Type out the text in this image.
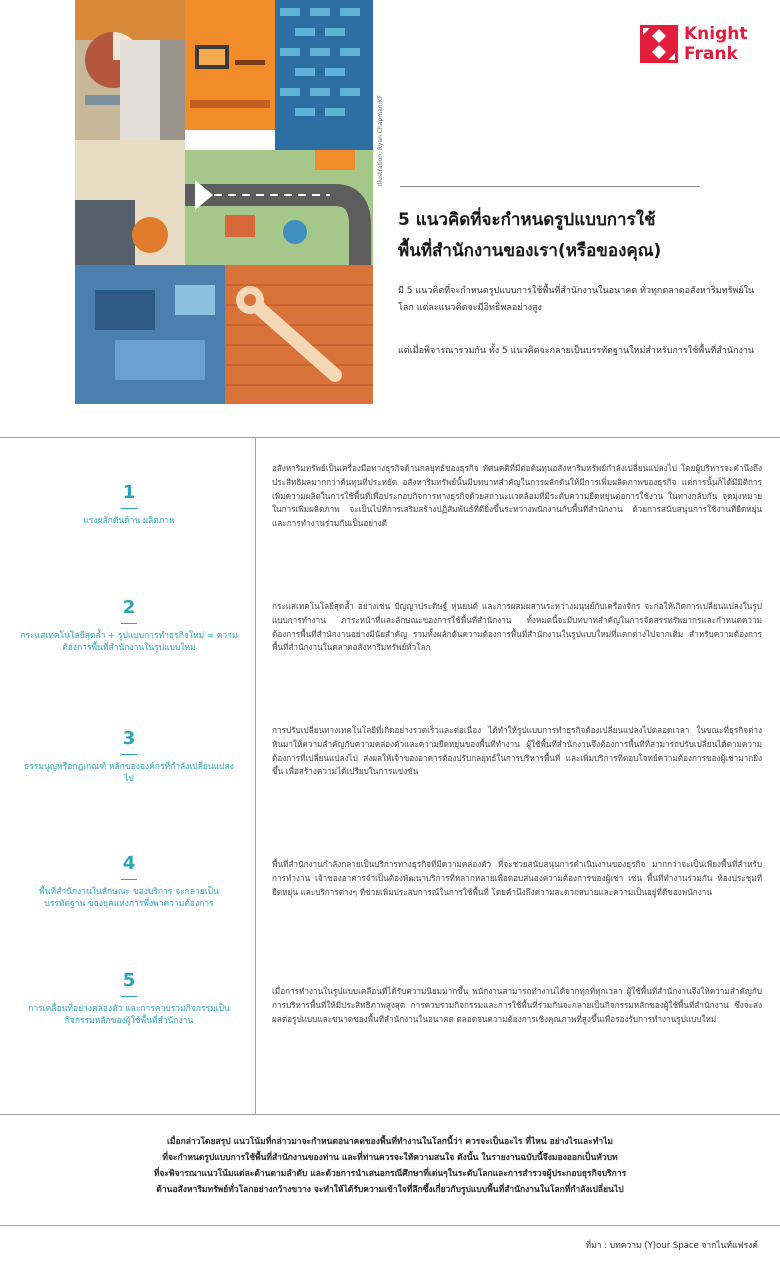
Illustration: Ryan Chapman/KF
Knight
Frank
5 แนวคิดที่จะกำหนดรูปแบบการใช้
พื้นที่สำนักงานของเรา(หรือของคุณ)
มี 5 แนวคิดที่จะกำหนดรูปแบบการใช้พื้นที่สำนักงานในอนาคต ทั่วทุกตลาดอสังหาริมทรัพย์ในโลก แต่ละแนวคิดจะมีอิทธิพลอย่างสูง
แต่เมื่อพิจารณารวมกัน ทั้ง 5 แนวคิดจะกลายเป็นบรรทัดฐานใหม่สำหรับการใช้พื้นที่สำนักงาน
1
แรงผลักดันด้าน ผลิตภาพ
2
กระแสเทคโนโลยีสุดล้ำ + รูปแบบการทำธุรกิจใหม่ = ความต้องการพื้นที่สำนักงานในรูปแบบใหม่
3
ธรรมนูญหรือกฎเกณฑ์ หลักขององค์กรที่กำลังเปลี่ยนแปลงไป
4
พื้นที่สำนักงานในลักษณะ ของบริการ จะกลายเป็นบรรทัดฐาน ของยุคแห่งการพึ่งพาความต้องการ
5
การเคลื่อนที่อย่างคล่องตัว และการควบรวมกิจกรรมเป็นกิจกรรมหลักของผู้ใช้พื้นที่สำนักงาน
อสังหาริมทรัพย์เป็นเครื่องมือทางธุรกิจด้านกลยุทธ์ของธุรกิจ ทัศนคติที่มีต่อต้นทุนอสังหาริมทรัพย์กำลังเปลี่ยนแปลงไป โดยผู้บริหารจะคำนึงถึงประสิทธิผลมากกว่าต้นทุนที่ประหยัด อสังหาริมทรัพย์นั้นมีบทบาทสำคัญในการผลักดันให้มีการเพิ่มผลิตภาพของธุรกิจ แต่การนั้นก็ได้มีมิติการเพิ่มความผลิตในการใช้พื้นที่เพื่อประกอบกิจการทางธุรกิจด้วยสถานะแวดล้อมที่มีระดับความยืดหยุ่นต่อการใช้งาน ในทางกลับกัน จุดมุ่งหมายในการเพิ่มผลิตภาพ จะเป็นไปที่การเสริมสร้างปฏิสัมพันธ์ที่ดียิ่งขึ้นระหว่างพนักงานกับพื้นที่สำนักงาน ด้วยการสนับสนุนการใช้งานที่ยืดหยุ่นและการทำงานร่วมกันเป็นอย่างดี
กระแสเทคโนโลยีสุดล้ำ อย่างเช่น ปัญญาประดิษฐ์ หุ่นยนต์ และการผสมผสานระหว่างมนุษย์กับเครื่องจักร จะก่อให้เกิดการเปลี่ยนแปลงในรูปแบบการทำงาน ภาระหน้าที่และลักษณะของการใช้พื้นที่สำนักงาน ทั้งหมดนี้จะมีบทบาทสำคัญในการจัดสรรทรัพยากรและกำหนดความต้องการพื้นที่สำนักงานอย่างมีนัยสำคัญ รวมทั้งผลักดันความต้องการพื้นที่สำนักงานในรูปแบบใหม่ที่แตกต่างไปจากเดิม สำหรับความต้องการพื้นที่สำนักงานในตลาดอสังหาริมทรัพย์ทั่วโลก
การปรับเปลี่ยนทางเทคโนโลยีที่เกิดอย่างรวดเร็วและต่อเนื่อง ได้ทำให้รูปแบบการทำธุรกิจต้องเปลี่ยนแปลงไปตลอดเวลา ในขณะที่ธุรกิจต่างหันมาให้ความสำคัญกับความคล่องตัวและความยืดหยุ่นของพื้นที่ทำงาน ผู้ใช้พื้นที่สำนักงานจึงต้องการพื้นที่ที่สามารถปรับเปลี่ยนได้ตามความต้องการที่เปลี่ยนแปลงไป ส่งผลให้เจ้าของอาคารต้องปรับกลยุทธ์ในการบริหารพื้นที่ และเพิ่มบริการที่ตอบโจทย์ความต้องการของผู้เช่ามากยิ่งขึ้น เพื่อสร้างความได้เปรียบในการแข่งขัน
พื้นที่สำนักงานกำลังกลายเป็นบริการทางธุรกิจที่มีความคล่องตัว ที่จะช่วยสนับสนุนการดำเนินงานของธุรกิจ มากกว่าจะเป็นเพียงพื้นที่สำหรับการทำงาน เจ้าของอาคารจำเป็นต้องพัฒนาบริการที่หลากหลายเพื่อตอบสนองความต้องการของผู้เช่า เช่น พื้นที่ทำงานร่วมกัน ห้องประชุมที่ยืดหยุ่น และบริการต่างๆ ที่ช่วยเพิ่มประสบการณ์ในการใช้พื้นที่ โดยคำนึงถึงความสะดวกสบายและความเป็นอยู่ที่ดีของพนักงาน
เมื่อการทำงานในรูปแบบเคลื่อนที่ได้รับความนิยมมากขึ้น พนักงานสามารถทำงานได้จากทุกที่ทุกเวลา ผู้ใช้พื้นที่สำนักงานจึงให้ความสำคัญกับการบริหารพื้นที่ให้มีประสิทธิภาพสูงสุด การควบรวมกิจกรรมและการใช้พื้นที่ร่วมกันจะกลายเป็นกิจกรรมหลักของผู้ใช้พื้นที่สำนักงาน ซึ่งจะส่งผลต่อรูปแบบและขนาดของพื้นที่สำนักงานในอนาคต ตลอดจนความต้องการเชิงคุณภาพที่สูงขึ้นเพื่อรองรับการทำงานรูปแบบใหม่
เมื่อกล่าวโดยสรุป แนวโน้มที่กล่าวมาจะกำหนดอนาคตของพื้นที่ทำงานในโลกนี้ว่า ควรจะเป็นอะไร ที่ไหน อย่างไรและทำไม
ที่จะกำหนดรูปแบบการใช้พื้นที่สำนักงานของท่าน และที่ท่านควรจะให้ความสนใจ ดังนั้น ในรายงานฉบับนี้จึงมองออกเป็นหัวบท
ที่จะพิจารณาแนวโน้มแต่ละด้านตามลำดับ และด้วยการนำเสนอกรณีศึกษาที่เด่นๆในระดับโลกและการสำรวจผู้ประกอบธุรกิจบริการ
ด้านอสังหาริมทรัพย์ทั่วโลกอย่างกว้างขวาง จะทำให้ได้รับความเข้าใจที่ลึกซึ้งเกี่ยวกับรูปแบบพื้นที่สำนักงานในโลกที่กำลังเปลี่ยนไป
ที่มา : บทความ (Y)our Space จากไนท์แฟรงค์
